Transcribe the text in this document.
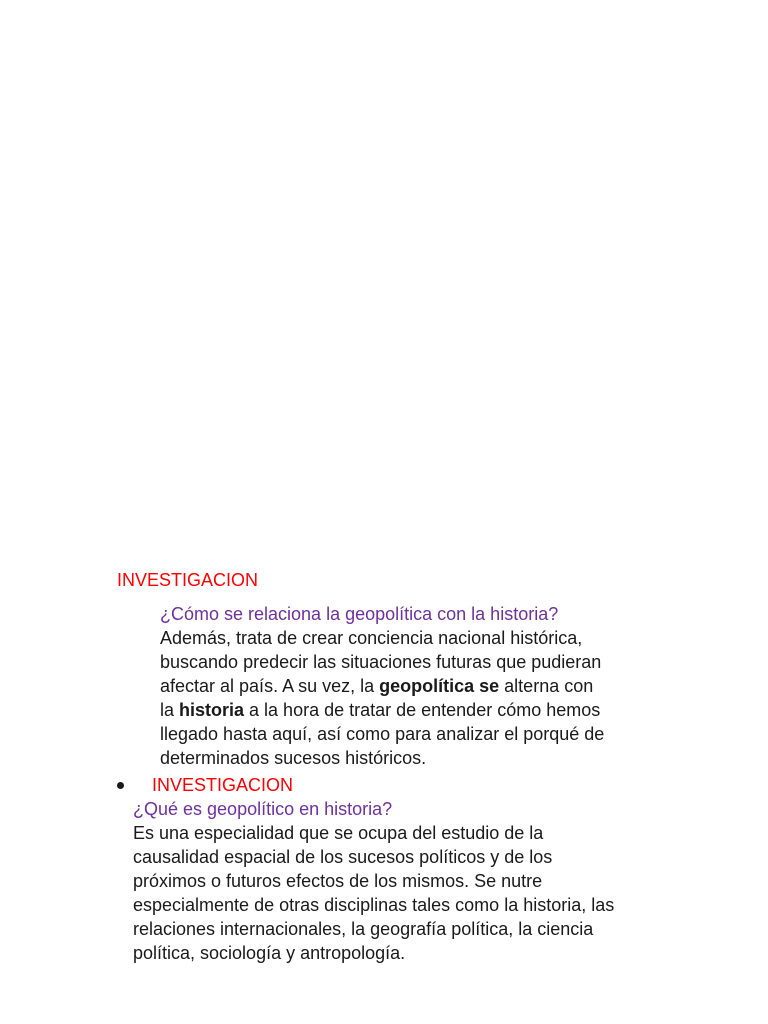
INVESTIGACION
¿Cómo se relaciona la geopolítica con la historia?
Además, trata de crear conciencia nacional histórica,
buscando predecir las situaciones futuras que pudieran
afectar al país. A su vez, la geopolítica se alterna con
la historia a la hora de tratar de entender cómo hemos
llegado hasta aquí, así como para analizar el porqué de
determinados sucesos históricos.
INVESTIGACION
¿Qué es geopolítico en historia?
Es una especialidad que se ocupa del estudio de la
causalidad espacial de los sucesos políticos y de los
próximos o futuros efectos de los mismos. Se nutre
especialmente de otras disciplinas tales como la historia, las
relaciones internacionales, la geografía política, la ciencia
política, sociología y antropología.
